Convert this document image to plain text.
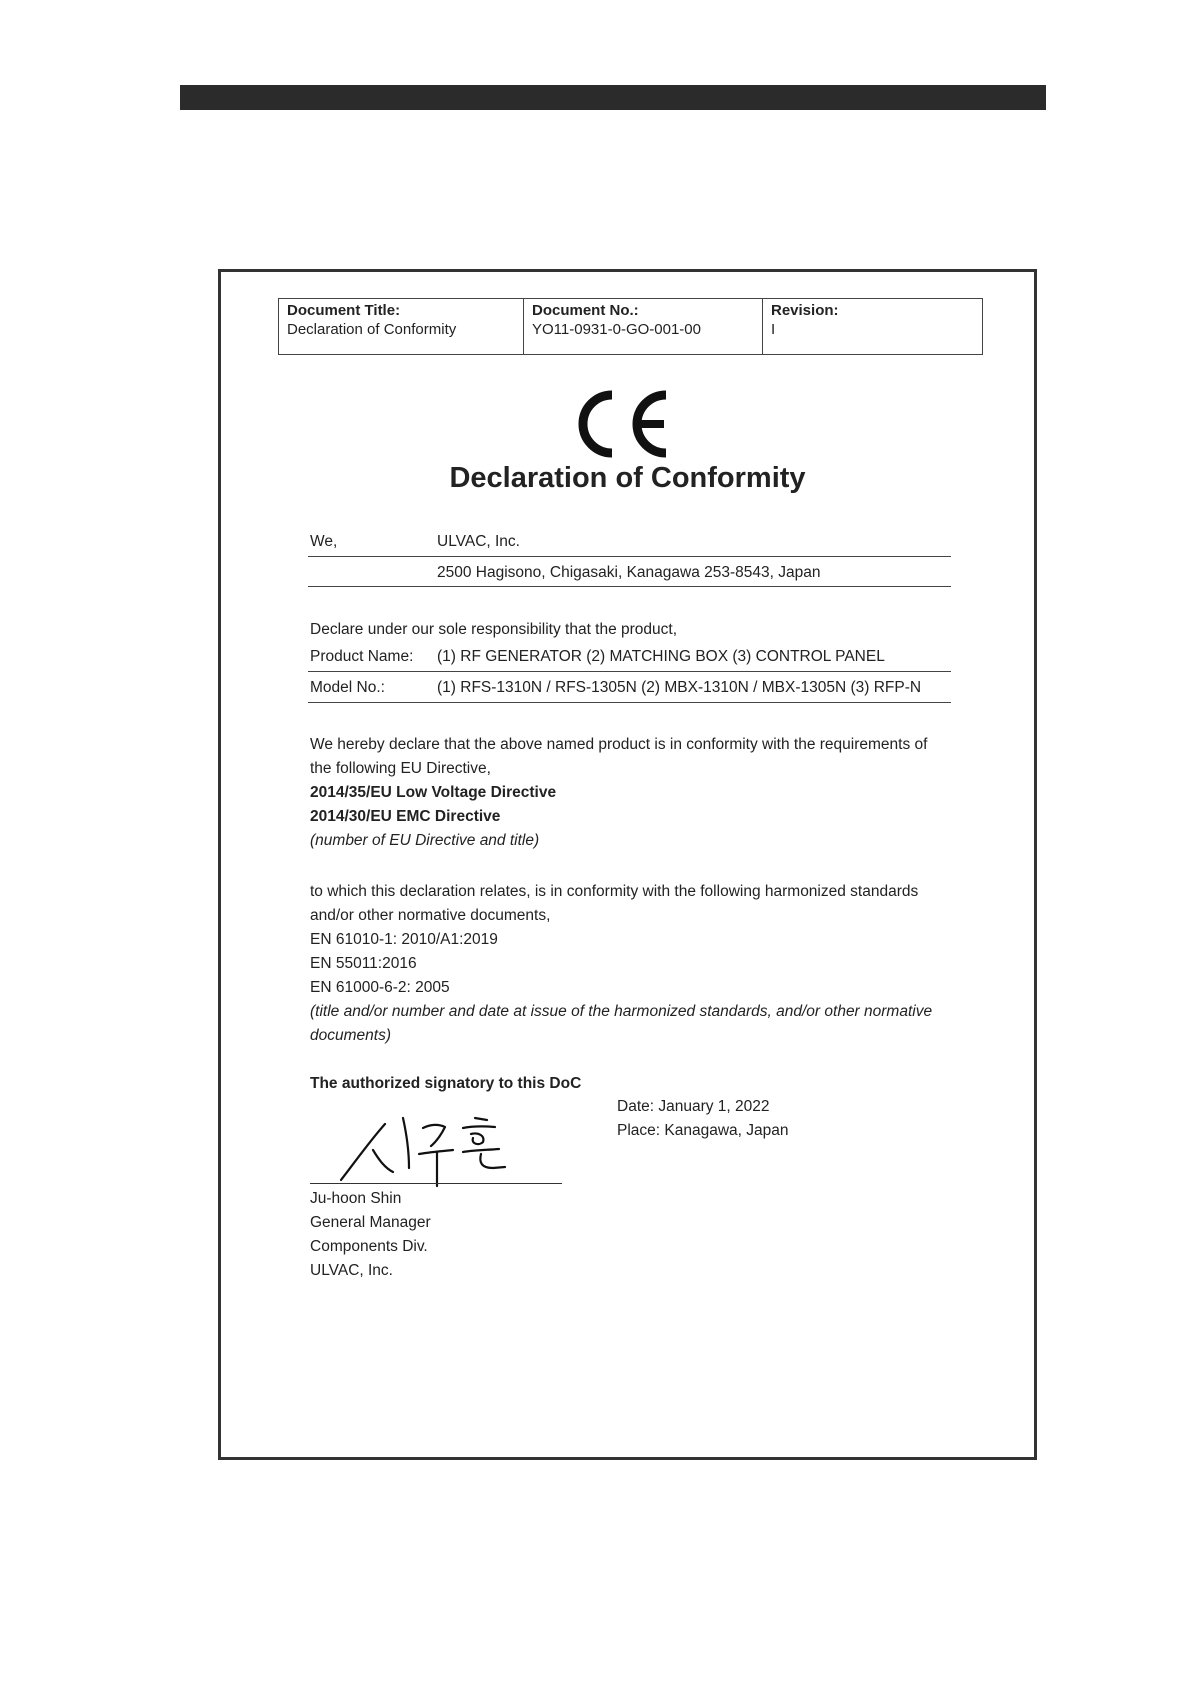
Document Title:
Declaration of Conformity
Document No.:
YO11-0931-0-GO-001-00
Revision:
I
Declaration of Conformity
We,	ULVAC, Inc.
2500 Hagisono, Chigasaki, Kanagawa 253-8543, Japan
Declare under our sole responsibility that the product,
Product Name: (1) RF GENERATOR (2) MATCHING BOX (3) CONTROL PANEL
Model No.:	(1) RFS-1310N / RFS-1305N (2) MBX-1310N / MBX-1305N (3) RFP-N
We hereby declare that the above named product is in conformity with the requirements of
the following EU Directive,
2014/35/EU Low Voltage Directive
2014/30/EU EMC Directive
(number of EU Directive and title)
to which this declaration relates, is in conformity with the following harmonized standards
and/or other normative documents,
EN 61010-1: 2010/A1:2019
EN 55011:2016
EN 61000-6-2: 2005
(title and/or number and date at issue of the harmonized standards, and/or other normative
documents)
The authorized signatory to this DoC
Date: January 1, 2022
Place: Kanagawa, Japan
Ju-hoon Shin
General Manager
Components Div.
ULVAC, Inc.
